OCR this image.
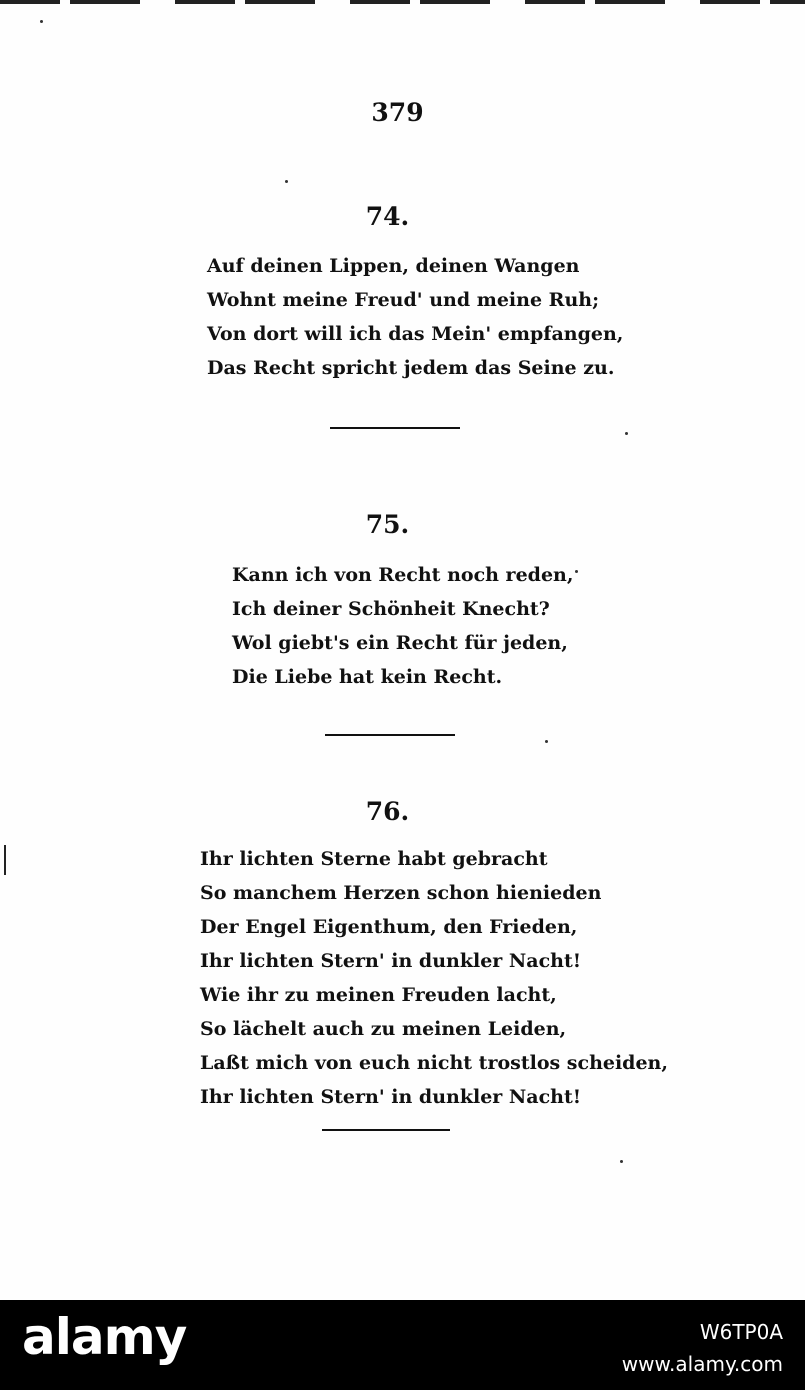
379
74.
Auf deinen Lippen, deinen Wangen
Wohnt meine Freud' und meine Ruh;
Von dort will ich das Mein' empfangen,
Das Recht spricht jedem das Seine zu.
75.
Kann ich von Recht noch reden,
Ich deiner Schönheit Knecht?
Wol giebt's ein Recht für jeden,
Die Liebe hat kein Recht.
76.
Ihr lichten Sterne habt gebracht
So manchem Herzen schon hienieden
Der Engel Eigenthum, den Frieden,
Ihr lichten Stern' in dunkler Nacht!
Wie ihr zu meinen Freuden lacht,
So lächelt auch zu meinen Leiden,
Laßt mich von euch nicht trostlos scheiden,
Ihr lichten Stern' in dunkler Nacht!
alamy	W6TP0A
www.alamy.com
